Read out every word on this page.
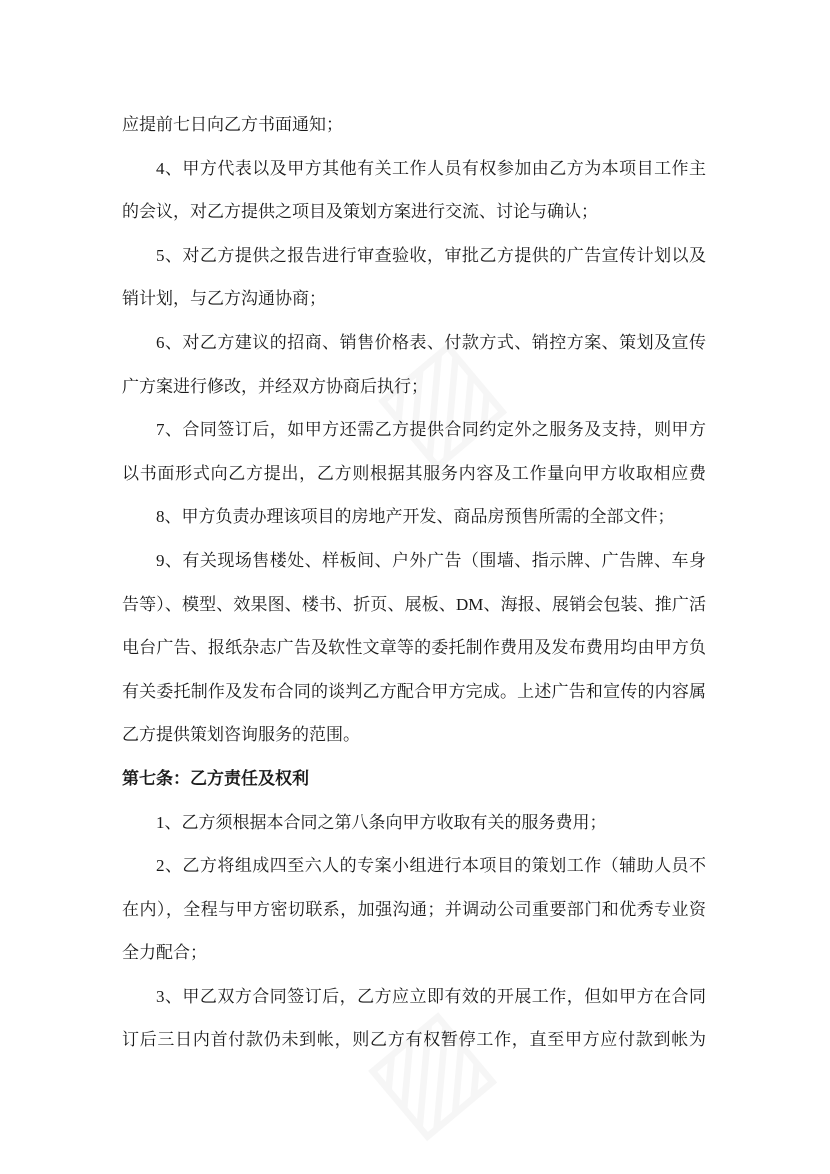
应提前七日向乙方书面通知；
4、甲方代表以及甲方其他有关工作人员有权参加由乙方为本项目工作主
的会议，对乙方提供之项目及策划方案进行交流、讨论与确认；
5、对乙方提供之报告进行审查验收，审批乙方提供的广告宣传计划以及
销计划，与乙方沟通协商；
6、对乙方建议的招商、销售价格表、付款方式、销控方案、策划及宣传
广方案进行修改，并经双方协商后执行；
7、合同签订后，如甲方还需乙方提供合同约定外之服务及支持，则甲方
以书面形式向乙方提出，乙方则根据其服务内容及工作量向甲方收取相应费
8、甲方负责办理该项目的房地产开发、商品房预售所需的全部文件；
9、有关现场售楼处、样板间、户外广告（围墙、指示牌、广告牌、车身
告等）、模型、效果图、楼书、折页、展板、DM、海报、展销会包装、推广活
电台广告、报纸杂志广告及软性文章等的委托制作费用及发布费用均由甲方负
有关委托制作及发布合同的谈判乙方配合甲方完成。上述广告和宣传的内容属
乙方提供策划咨询服务的范围。
第七条：乙方责任及权利
1、乙方须根据本合同之第八条向甲方收取有关的服务费用；
2、乙方将组成四至六人的专案小组进行本项目的策划工作（辅助人员不
在内），全程与甲方密切联系，加强沟通；并调动公司重要部门和优秀专业资
全力配合；
3、甲乙双方合同签订后，乙方应立即有效的开展工作，但如甲方在合同
订后三日内首付款仍未到帐，则乙方有权暂停工作，直至甲方应付款到帐为
